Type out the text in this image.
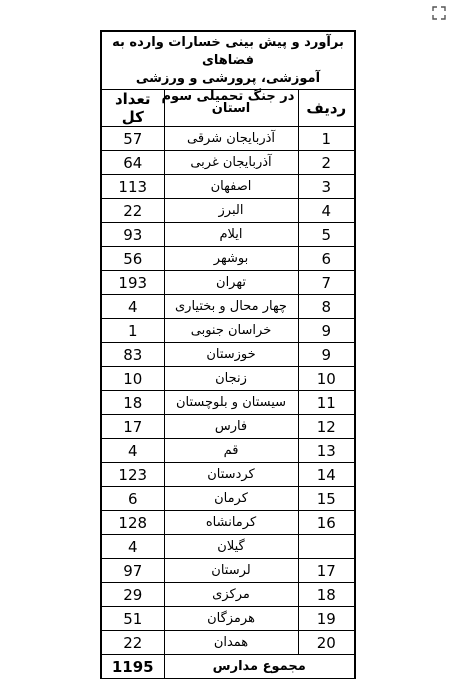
برآورد و پیش بینی خسارات وارده به فضاهای
آموزشی، پرورشی و ورزشی
در جنگ تحمیلی سوم
تعداد کل	استان	ردیف
57	آذربایجان شرقی	1
64	آذربایجان غربی	2
113	اصفهان	3
22	البرز	4
93	ایلام	5
56	بوشهر	6
193	تهران	7
4	چهار محال و بختیاری	8
1	خراسان جنوبی	9
83	خوزستان	9
10	زنجان	10
18	سیستان و بلوچستان	11
17	فارس	12
4	قم	13
123	کردستان	14
6	کرمان	15
128	کرمانشاه	16
4	گیلان	
97	لرستان	17
29	مرکزی	18
51	هرمزگان	19
22	همدان	20
1195	مجموع مدارس	
